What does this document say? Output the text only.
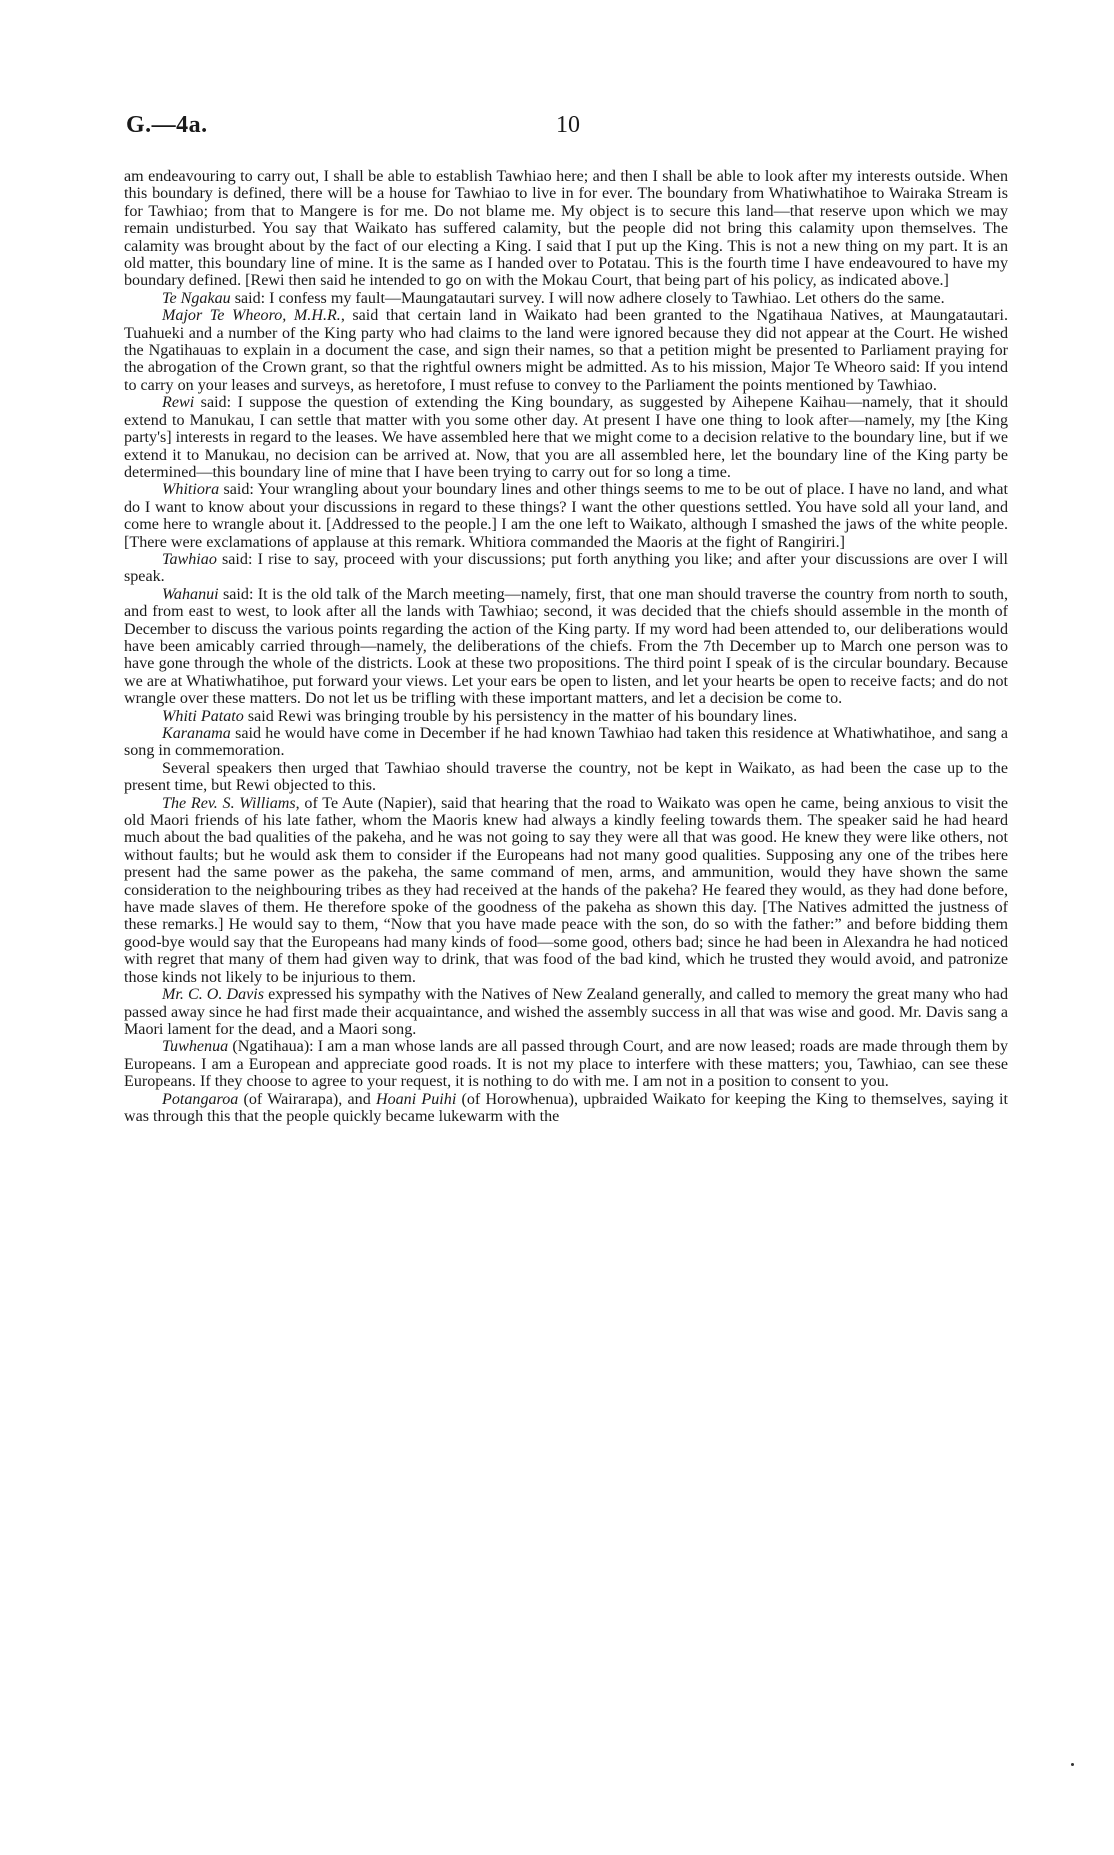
G.—4a.	10

am endeavouring to carry out, I shall be able to establish Tawhiao here; and then I shall be able to look after my interests outside. When this boundary is defined, there will be a house for Tawhiao to live in for ever. The boundary from Whatiwhatihoe to Wairaka Stream is for Tawhiao; from that to Mangere is for me. Do not blame me. My object is to secure this land—that reserve upon which we may remain undisturbed. You say that Waikato has suffered calamity, but the people did not bring this calamity upon themselves. The calamity was brought about by the fact of our electing a King. I said that I put up the King. This is not a new thing on my part. It is an old matter, this boundary line of mine. It is the same as I handed over to Potatau. This is the fourth time I have endeavoured to have my boundary defined. [Rewi then said he intended to go on with the Mokau Court, that being part of his policy, as indicated above.]

Te Ngakau said: I confess my fault—Maungatautari survey. I will now adhere closely to Tawhiao. Let others do the same.

Major Te Wheoro, M.H.R., said that certain land in Waikato had been granted to the Ngatihaua Natives, at Maungatautari. Tuahueki and a number of the King party who had claims to the land were ignored because they did not appear at the Court. He wished the Ngatihauas to explain in a document the case, and sign their names, so that a petition might be presented to Parliament praying for the abrogation of the Crown grant, so that the rightful owners might be admitted. As to his mission, Major Te Wheoro said: If you intend to carry on your leases and surveys, as heretofore, I must refuse to convey to the Parliament the points mentioned by Tawhiao.

Rewi said: I suppose the question of extending the King boundary, as suggested by Aihepene Kaihau—namely, that it should extend to Manukau, I can settle that matter with you some other day. At present I have one thing to look after—namely, my [the King party's] interests in regard to the leases. We have assembled here that we might come to a decision relative to the boundary line, but if we extend it to Manukau, no decision can be arrived at. Now, that you are all assembled here, let the boundary line of the King party be determined—this boundary line of mine that I have been trying to carry out for so long a time.

Whitiora said: Your wrangling about your boundary lines and other things seems to me to be out of place. I have no land, and what do I want to know about your discussions in regard to these things? I want the other questions settled. You have sold all your land, and come here to wrangle about it. [Addressed to the people.] I am the one left to Waikato, although I smashed the jaws of the white people. [There were exclamations of applause at this remark. Whitiora commanded the Maoris at the fight of Rangiriri.]

Tawhiao said: I rise to say, proceed with your discussions; put forth anything you like; and after your discussions are over I will speak.

Wahanui said: It is the old talk of the March meeting—namely, first, that one man should traverse the country from north to south, and from east to west, to look after all the lands with Tawhiao; second, it was decided that the chiefs should assemble in the month of December to discuss the various points regarding the action of the King party. If my word had been attended to, our deliberations would have been amicably carried through—namely, the deliberations of the chiefs. From the 7th December up to March one person was to have gone through the whole of the districts. Look at these two propositions. The third point I speak of is the circular boundary. Because we are at Whatiwhatihoe, put forward your views. Let your ears be open to listen, and let your hearts be open to receive facts; and do not wrangle over these matters. Do not let us be trifling with these important matters, and let a decision be come to.

Whiti Patato said Rewi was bringing trouble by his persistency in the matter of his boundary lines.

Karanama said he would have come in December if he had known Tawhiao had taken this residence at Whatiwhatihoe, and sang a song in commemoration.

Several speakers then urged that Tawhiao should traverse the country, not be kept in Waikato, as had been the case up to the present time, but Rewi objected to this.

The Rev. S. Williams, of Te Aute (Napier), said that hearing that the road to Waikato was open he came, being anxious to visit the old Maori friends of his late father, whom the Maoris knew had always a kindly feeling towards them. The speaker said he had heard much about the bad qualities of the pakeha, and he was not going to say they were all that was good. He knew they were like others, not without faults; but he would ask them to consider if the Europeans had not many good qualities. Supposing any one of the tribes here present had the same power as the pakeha, the same command of men, arms, and ammunition, would they have shown the same consideration to the neighbouring tribes as they had received at the hands of the pakeha? He feared they would, as they had done before, have made slaves of them. He therefore spoke of the goodness of the pakeha as shown this day. [The Natives admitted the justness of these remarks.] He would say to them, “Now that you have made peace with the son, do so with the father:” and before bidding them good-bye would say that the Europeans had many kinds of food—some good, others bad; since he had been in Alexandra he had noticed with regret that many of them had given way to drink, that was food of the bad kind, which he trusted they would avoid, and patronize those kinds not likely to be injurious to them.

Mr. C. O. Davis expressed his sympathy with the Natives of New Zealand generally, and called to memory the great many who had passed away since he had first made their acquaintance, and wished the assembly success in all that was wise and good. Mr. Davis sang a Maori lament for the dead, and a Maori song.

Tuwhenua (Ngatihaua): I am a man whose lands are all passed through Court, and are now leased; roads are made through them by Europeans. I am a European and appreciate good roads. It is not my place to interfere with these matters; you, Tawhiao, can see these Europeans. If they choose to agree to your request, it is nothing to do with me. I am not in a position to consent to you.

Potangaroa (of Wairarapa), and Hoani Puihi (of Horowhenua), upbraided Waikato for keeping the King to themselves, saying it was through this that the people quickly became lukewarm with the
